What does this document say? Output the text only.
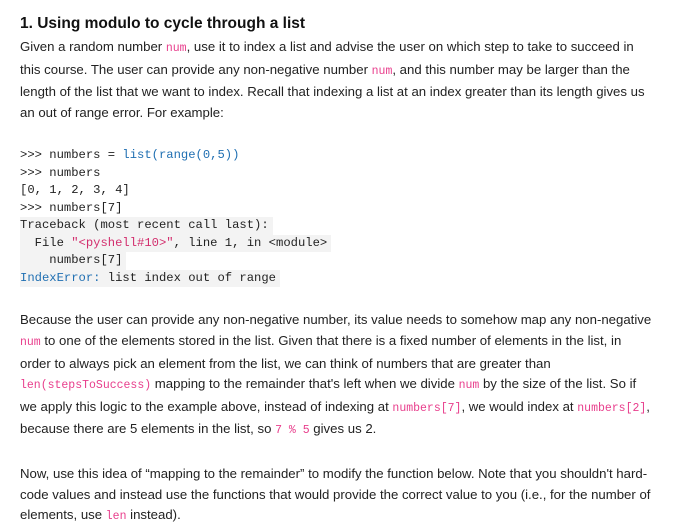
1. Using modulo to cycle through a list

Given a random number num, use it to index a list and advise the user on which step to take to succeed in this course. The user can provide any non-negative number num, and this number may be larger than the length of the list that we want to index. Recall that indexing a list at an index greater than its length gives us an out of range error. For example:

>>> numbers = list(range(0,5))
>>> numbers
[0, 1, 2, 3, 4]
>>> numbers[7]
Traceback (most recent call last):
File "<pyshell#10>", line 1, in <module>
numbers[7]
IndexError: list index out of range

Because the user can provide any non-negative number, its value needs to somehow map any non-negative num to one of the elements stored in the list. Given that there is a fixed number of elements in the list, in order to always pick an element from the list, we can think of numbers that are greater than len(stepsToSuccess) mapping to the remainder that's left when we divide num by the size of the list. So if we apply this logic to the example above, instead of indexing at numbers[7], we would index at numbers[2], because there are 5 elements in the list, so 7 % 5 gives us 2.

Now, use this idea of “mapping to the remainder” to modify the function below. Note that you shouldn't hard-code values and instead use the functions that would provide the correct value to you (i.e., for the number of elements, use len instead).
